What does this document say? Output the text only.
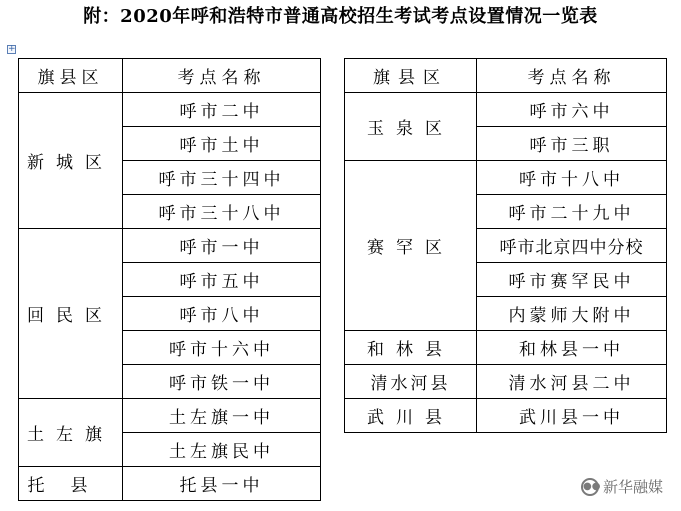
附：2020年呼和浩特市普通高校招生考试考点设置情况一览表
+
旗县区	考点名称
新城区	呼市二中
	呼市土中
	呼市三十四中
	呼市三十八中
回民区	呼市一中
	呼市五中
	呼市八中
	呼市十六中
	呼市铁一中
土左旗	土左旗一中
	土左旗民中
托县	托县一中
旗县区	考点名称
玉泉区	呼市六中
	呼市三职
赛罕区	呼市十八中

	呼市二十九中
	呼市北京四中分校
	呼市赛罕民中
	内蒙师大附中

和林县	和林县一中
清水河县	清水河县二中
武川县	武川县一中
●● 新华融媒
